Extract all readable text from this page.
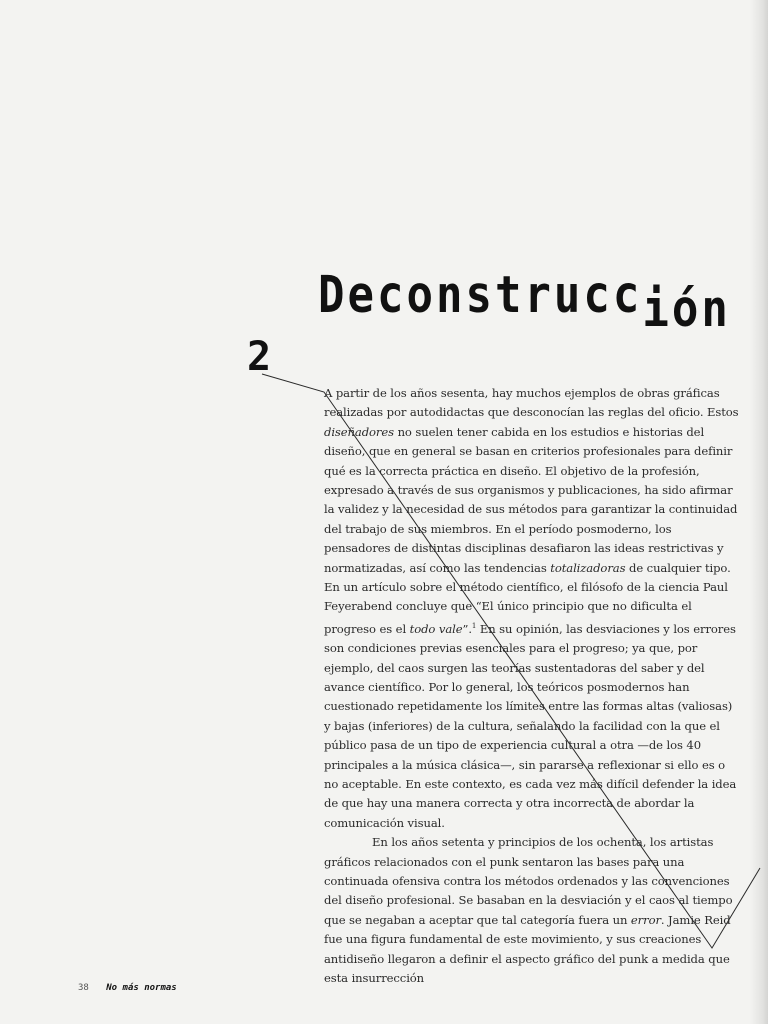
Deconstrucción
2

A partir de los años sesenta, hay muchos ejemplos de obras gráficas realizadas por autodidactas que desconocían las reglas del oficio. Estos diseñadores no suelen tener cabida en los estudios e historias del diseño, que en general se basan en criterios profesionales para definir qué es la correcta práctica en diseño. El objetivo de la profesión, expresado a través de sus organismos y publicaciones, ha sido afirmar la validez y la necesidad de sus métodos para garantizar la continuidad del trabajo de sus miembros. En el período posmoderno, los pensadores de distintas disciplinas desafiaron las ideas restrictivas y normatizadas, así como las tendencias totalizadoras de cualquier tipo. En un artículo sobre el método científico, el filósofo de la ciencia Paul Feyerabend concluye que “El único principio que no dificulta el progreso es el todo vale”.$^1$ En su opinión, las desviaciones y los errores son condiciones previas esenciales para el progreso; ya que, por ejemplo, del caos surgen las teorías sustentadoras del saber y del avance científico. Por lo general, los teóricos posmodernos han cuestionado repetidamente los límites entre las formas altas (valiosas) y bajas (inferiores) de la cultura, señalando la facilidad con la que el público pasa de un tipo de experiencia cultural a otra —de los 40 principales a la música clásica—, sin pararse a reflexionar si ello es o no aceptable. En este contexto, es cada vez más difícil defender la idea de que hay una manera correcta y otra incorrecta de abordar la comunicación visual.

En los años setenta y principios de los ochenta, los artistas gráficos relacionados con el punk sentaron las bases para una continuada ofensiva contra los métodos ordenados y las convenciones del diseño profesional. Se basaban en la desviación y el caos al tiempo que se negaban a aceptar que tal categoría fuera un error. Jamie Reid fue una figura fundamental de este movimiento, y sus creaciones antidiseño llegaron a definir el aspecto gráfico del punk a medida que esta insurrección

38 No más normas
